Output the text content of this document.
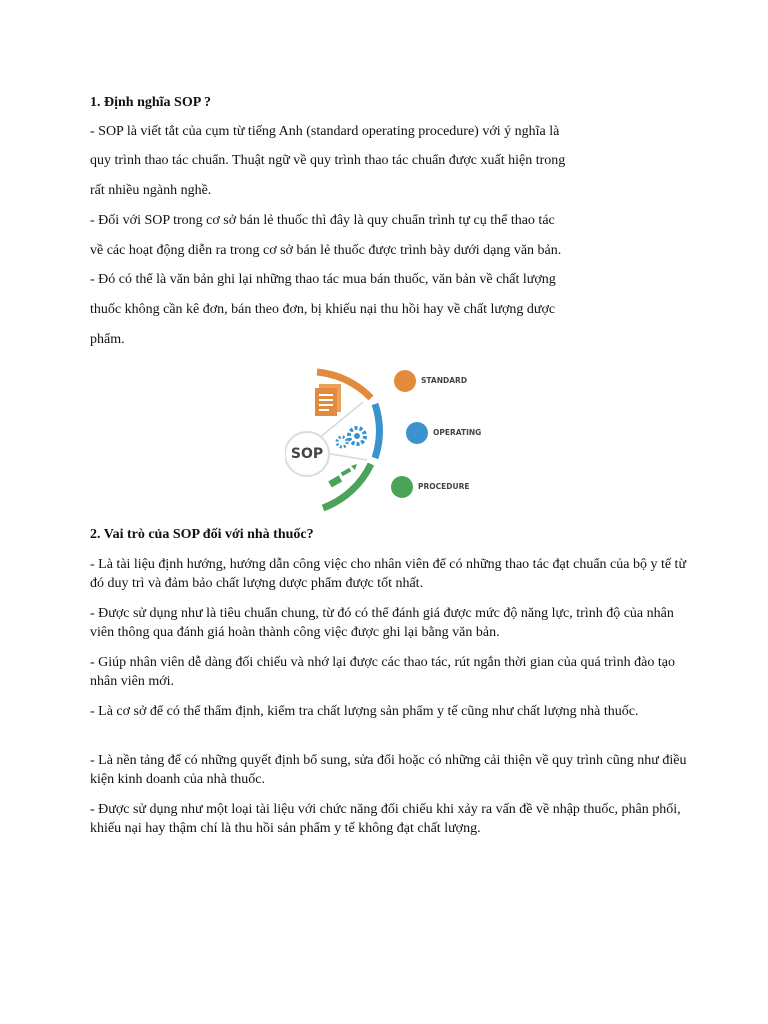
1. Định nghĩa SOP ?
- SOP là viết tắt của cụm từ tiếng Anh (standard operating procedure) với ý nghĩa là
quy trình thao tác chuẩn. Thuật ngữ về quy trình thao tác chuẩn được xuất hiện trong
rất nhiều ngành nghề.
- Đối với SOP trong cơ sở bán lẻ thuốc thì đây là quy chuẩn trình tự cụ thể thao tác
về các hoạt động diễn ra trong cơ sở bán lẻ thuốc được trình bày dưới dạng văn bản.
- Đó có thể là văn bản ghi lại những thao tác mua bán thuốc, văn bản về chất lượng
thuốc không cần kê đơn, bán theo đơn, bị khiếu nại thu hồi hay về chất lượng dược
phẩm.
SOP
STANDARD
OPERATING
PROCEDURE
2. Vai trò của SOP đối với nhà thuốc?
- Là tài liệu định hướng, hướng dẫn công việc cho nhân viên để có những thao tác đạt chuẩn của bộ y tế từ đó duy trì và đảm bảo chất lượng dược phẩm được tốt nhất.
- Được sử dụng như là tiêu chuẩn chung, từ đó có thể đánh giá được mức độ năng lực, trình độ của nhân viên thông qua đánh giá hoàn thành công việc được ghi lại bằng văn bản.
- Giúp nhân viên dễ dàng đối chiếu và nhớ lại được các thao tác, rút ngắn thời gian của quá trình đào tạo nhân viên mới.
- Là cơ sở để có thể thẩm định, kiểm tra chất lượng sản phẩm y tế cũng như chất lượng nhà thuốc.
- Là nền tảng để có những quyết định bổ sung, sửa đổi hoặc có những cải thiện về quy trình cũng như điều kiện kinh doanh của nhà thuốc.
- Được sử dụng như một loại tài liệu với chức năng đối chiếu khi xảy ra vấn đề về nhập thuốc, phân phối, khiếu nại hay thậm chí là thu hồi sản phẩm y tế không đạt chất lượng.
